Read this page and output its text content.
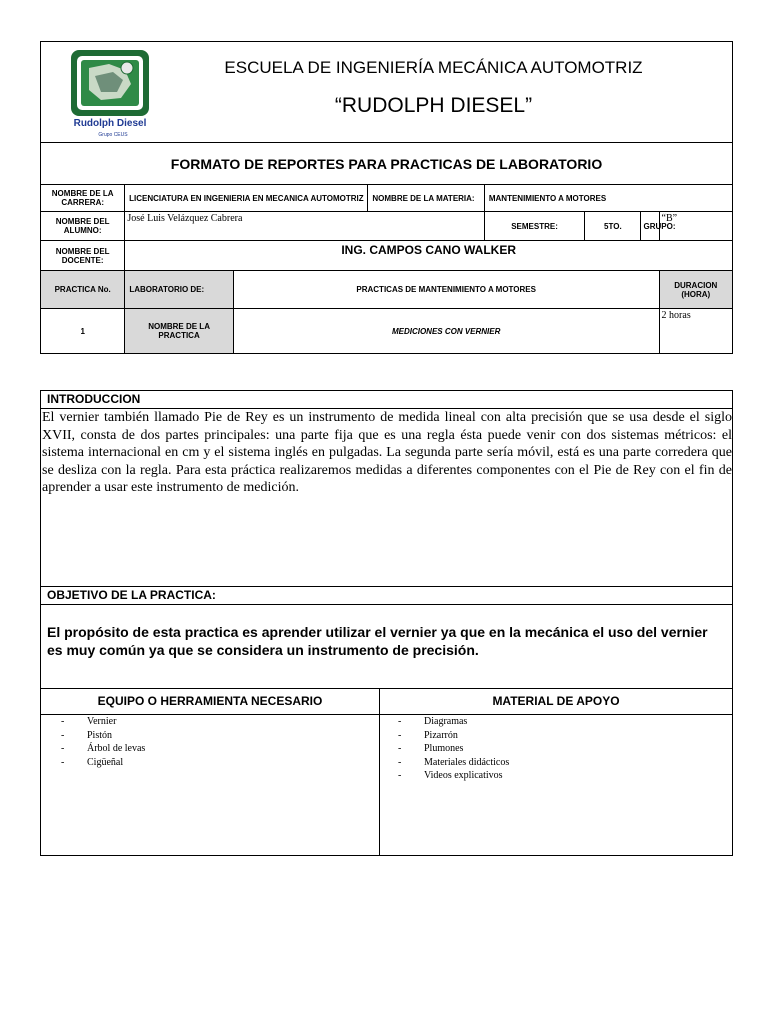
Rudolph Diesel
Grupo CEUS
ESCUELA DE INGENIERÍA MECÁNICA AUTOMOTRIZ
“RUDOLPH DIESEL”
FORMATO DE REPORTES PARA PRACTICAS DE LABORATORIO							
NOMBRE DE LA CARRERA:	LICENCIATURA EN INGENIERIA EN MECANICA AUTOMOTRIZ		NOMBRE DE LA MATERIA:	MANTENIMIENTO A MOTORES			
NOMBRE DEL ALUMNO:	José Luis Velázquez Cabrera			SEMESTRE:	5TO.	GRUPO:	“B”
NOMBRE DEL DOCENTE:	ING. CAMPOS CANO WALKER						
PRACTICA No.	LABORATORIO DE:	PRACTICAS DE MANTENIMIENTO A MOTORES					DURACION (HORA)
1	NOMBRE DE LA PRACTICA	MEDICIONES CON VERNIER					2 horas
INTRODUCCION
El vernier también llamado Pie de Rey es un instrumento de medida lineal con alta precisión que se usa desde el siglo XVII, consta de dos partes principales: una parte fija que es una regla ésta puede venir con dos sistemas métricos: el sistema internacional en cm y el sistema inglés en pulgadas. La segunda parte sería móvil, está es una parte corredera que se desliza con la regla. Para esta práctica realizaremos medidas a diferentes componentes con el Pie de Rey con el fin de aprender a usar este instrumento de medición.
OBJETIVO DE LA PRACTICA:
El propósito de esta practica es aprender utilizar el vernier ya que en la mecánica el uso del vernier es muy común ya que se considera un instrumento de precisión.
EQUIPO O HERRAMIENTA NECESARIO	MATERIAL DE APOYO
- Vernier
- Pistón
- Árbol de levas
- Cigüeñal
- Diagramas
- Pizarrón
- Plumones
- Materiales didácticos
- Videos explicativos
